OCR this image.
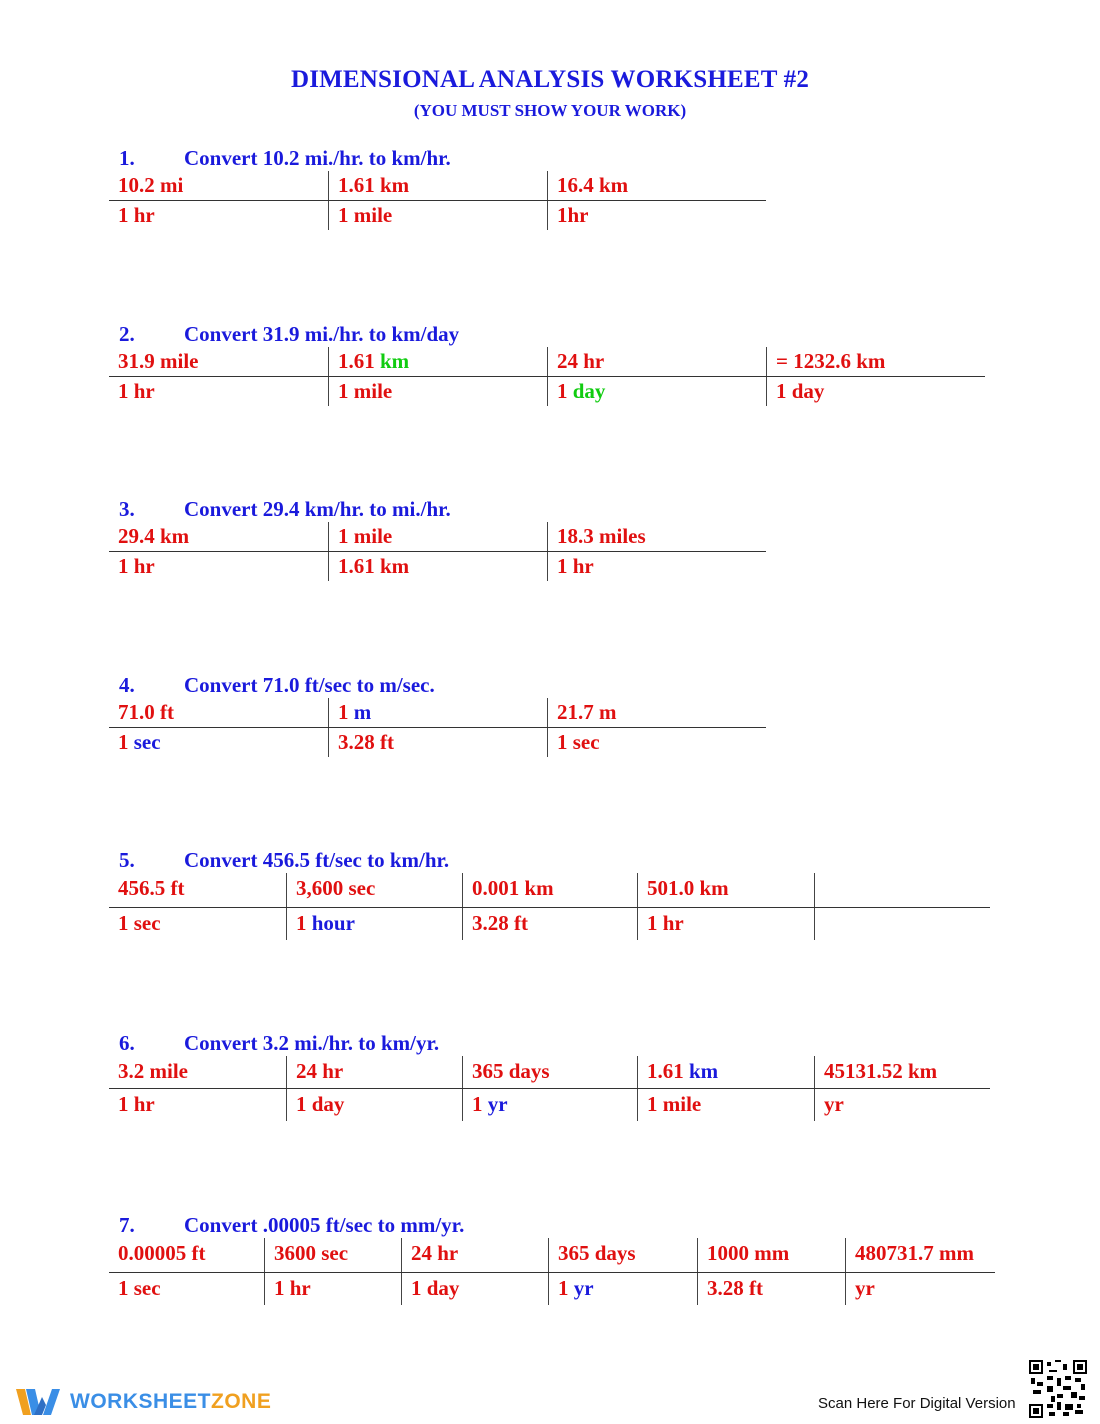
DIMENSIONAL ANALYSIS WORKSHEET #2
(YOU MUST SHOW YOUR WORK)
1. Convert 10.2 mi./hr. to km/hr.
10.2 mi	1.61 km	16.4 km
1 hr	1 mile	1hr
2. Convert 31.9 mi./hr. to km/day
31.9 mile	1.61 km	24 hr	= 1232.6 km
1 hr	1 mile	1 day	1 day
3. Convert 29.4 km/hr. to mi./hr.
29.4 km	1 mile	18.3 miles
1 hr	1.61 km	1 hr
4. Convert 71.0 ft/sec to m/sec.
71.0 ft	1 m	21.7 m
1 sec	3.28 ft	1 sec
5. Convert 456.5 ft/sec to km/hr.
456.5 ft	3,600 sec	0.001 km	501.0 km
1 sec	1 hour	3.28 ft	1 hr
6. Convert 3.2 mi./hr. to km/yr.
3.2 mile	24 hr	365 days	1.61 km	45131.52 km
1 hr	1 day	1 yr	1 mile	yr
7. Convert .00005 ft/sec to mm/yr.
0.00005 ft	3600 sec	24 hr	365 days	1000 mm	480731.7 mm
1 sec	1 hr	1 day	1 yr	3.28 ft	yr
WORKSHEETZONE	Scan Here For Digital Version
